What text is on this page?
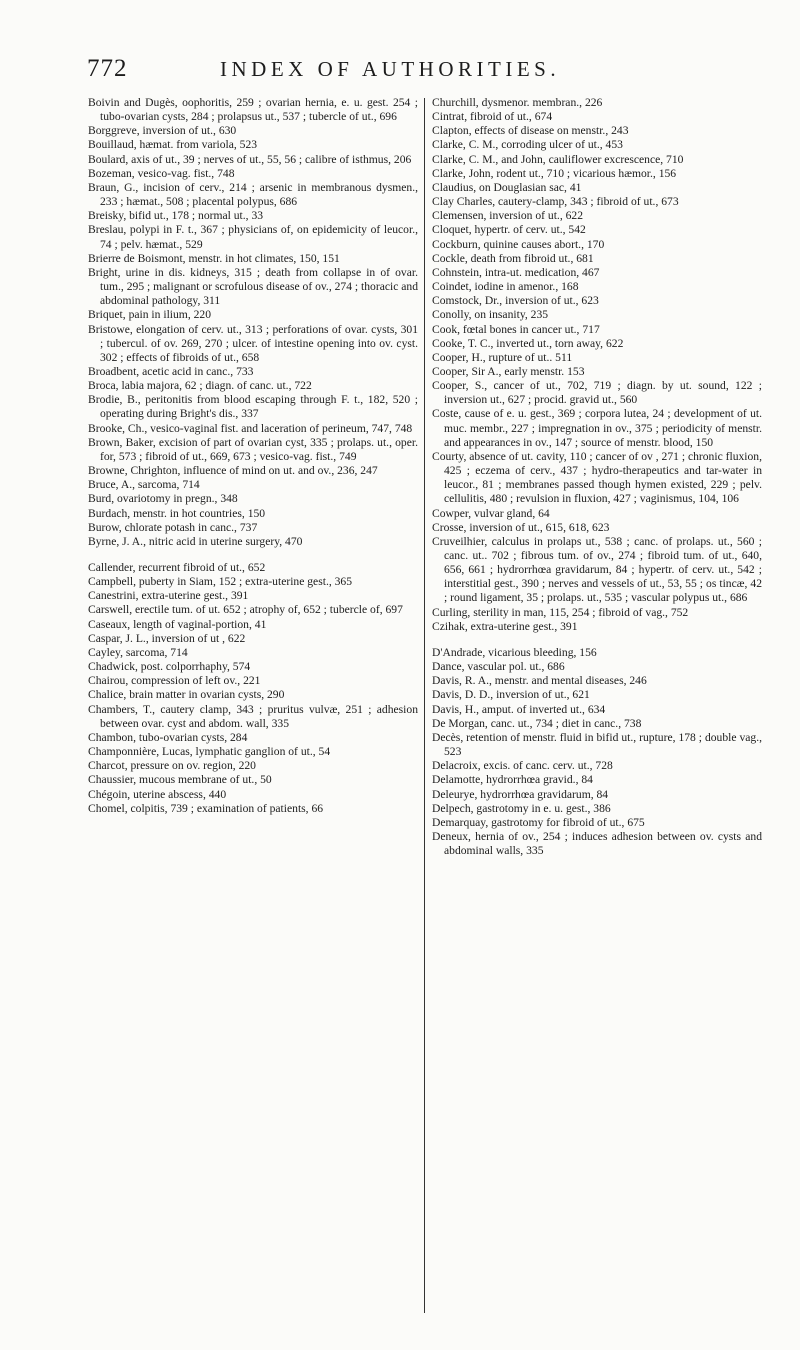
772	INDEX OF AUTHORITIES.

Boivin and Dugès, oophoritis, 259 ; ovarian hernia, e. u. gest. 254 ; tubo-ovarian cysts, 284 ; prolapsus ut., 537 ; tubercle of ut., 696

Borggreve, inversion of ut., 630

Bouillaud, hæmat. from variola, 523

Boulard, axis of ut., 39 ; nerves of ut., 55, 56 ; calibre of isthmus, 206

Bozeman, vesico-vag. fist., 748

Braun, G., incision of cerv., 214 ; arsenic in membranous dysmen., 233 ; hæmat., 508 ; placental polypus, 686

Breisky, bifid ut., 178 ; normal ut., 33

Breslau, polypi in F. t., 367 ; physicians of, on epidemicity of leucor., 74 ; pelv. hæmat., 529

Brierre de Boismont, menstr. in hot climates, 150, 151

Bright, urine in dis. kidneys, 315 ; death from collapse in of ovar. tum., 295 ; malignant or scrofulous disease of ov., 274 ; thoracic and abdominal pathology, 311

Briquet, pain in ilium, 220

Bristowe, elongation of cerv. ut., 313 ; perforations of ovar. cysts, 301 ; tubercul. of ov. 269, 270 ; ulcer. of intestine opening into ov. cyst. 302 ; effects of fibroids of ut., 658

Broadbent, acetic acid in canc., 733

Broca, labia majora, 62 ; diagn. of canc. ut., 722

Brodie, B., peritonitis from blood escaping through F. t., 182, 520 ; operating during Bright's dis., 337

Brooke, Ch., vesico-vaginal fist. and laceration of perineum, 747, 748

Brown, Baker, excision of part of ovarian cyst, 335 ; prolaps. ut., oper. for, 573 ; fibroid of ut., 669, 673 ; vesico-vag. fist., 749

Browne, Chrighton, influence of mind on ut. and ov., 236, 247

Bruce, A., sarcoma, 714

Burd, ovariotomy in pregn., 348

Burdach, menstr. in hot countries, 150

Burow, chlorate potash in canc., 737

Byrne, J. A., nitric acid in uterine surgery, 470

Callender, recurrent fibroid of ut., 652

Campbell, puberty in Siam, 152 ; extra-uterine gest., 365

Canestrini, extra-uterine gest., 391

Carswell, erectile tum. of ut. 652 ; atrophy of, 652 ; tubercle of, 697

Caseaux, length of vaginal-portion, 41

Caspar, J. L., inversion of ut , 622

Cayley, sarcoma, 714

Chadwick, post. colporrhaphy, 574

Chairou, compression of left ov., 221

Chalice, brain matter in ovarian cysts, 290

Chambers, T., cautery clamp, 343 ; pruritus vulvæ, 251 ; adhesion between ovar. cyst and abdom. wall, 335

Chambon, tubo-ovarian cysts, 284

Champonnière, Lucas, lymphatic ganglion of ut., 54

Charcot, pressure on ov. region, 220

Chaussier, mucous membrane of ut., 50

Chégoin, uterine abscess, 440

Chomel, colpitis, 739 ; examination of patients, 66

Churchill, dysmenor. membran., 226

Cintrat, fibroid of ut., 674

Clapton, effects of disease on menstr., 243

Clarke, C. M., corroding ulcer of ut., 453

Clarke, C. M., and John, cauliflower excrescence, 710

Clarke, John, rodent ut., 710 ; vicarious hæmor., 156

Claudius, on Douglasian sac, 41

Clay Charles, cautery-clamp, 343 ; fibroid of ut., 673

Clemensen, inversion of ut., 622

Cloquet, hypertr. of cerv. ut., 542

Cockburn, quinine causes abort., 170

Cockle, death from fibroid ut., 681

Cohnstein, intra-ut. medication, 467

Coindet, iodine in amenor., 168

Comstock, Dr., inversion of ut., 623

Conolly, on insanity, 235

Cook, fœtal bones in cancer ut., 717

Cooke, T. C., inverted ut., torn away, 622

Cooper, H., rupture of ut.. 511

Cooper, Sir A., early menstr. 153

Cooper, S., cancer of ut., 702, 719 ; diagn. by ut. sound, 122 ; inversion ut., 627 ; procid. gravid ut., 560

Coste, cause of e. u. gest., 369 ; corpora lutea, 24 ; development of ut. muc. membr., 227 ; impregnation in ov., 375 ; periodicity of menstr. and appearances in ov., 147 ; source of menstr. blood, 150

Courty, absence of ut. cavity, 110 ; cancer of ov , 271 ; chronic fluxion, 425 ; eczema of cerv., 437 ; hydro-therapeutics and tar-water in leucor., 81 ; membranes passed though hymen existed, 229 ; pelv. cellulitis, 480 ; revulsion in fluxion, 427 ; vaginismus, 104, 106

Cowper, vulvar gland, 64

Crosse, inversion of ut., 615, 618, 623

Cruveilhier, calculus in prolaps ut., 538 ; canc. of prolaps. ut., 560 ; canc. ut.. 702 ; fibrous tum. of ov., 274 ; fibroid tum. of ut., 640, 656, 661 ; hydrorrhœa gravidarum, 84 ; hypertr. of cerv. ut., 542 ; interstitial gest., 390 ; nerves and vessels of ut., 53, 55 ; os tincæ, 42 ; round ligament, 35 ; prolaps. ut., 535 ; vascular polypus ut., 686

Curling, sterility in man, 115, 254 ; fibroid of vag., 752

Czihak, extra-uterine gest., 391

D'Andrade, vicarious bleeding, 156

Dance, vascular pol. ut., 686

Davis, R. A., menstr. and mental diseases, 246

Davis, D. D., inversion of ut., 621

Davis, H., amput. of inverted ut., 634

De Morgan, canc. ut., 734 ; diet in canc., 738

Decès, retention of menstr. fluid in bifid ut., rupture, 178 ; double vag., 523

Delacroix, excis. of canc. cerv. ut., 728

Delamotte, hydrorrhœa gravid., 84

Deleurye, hydrorrhœa gravidarum, 84

Delpech, gastrotomy in e. u. gest., 386

Demarquay, gastrotomy for fibroid of ut., 675

Deneux, hernia of ov., 254 ; induces adhesion between ov. cysts and abdominal walls, 335
